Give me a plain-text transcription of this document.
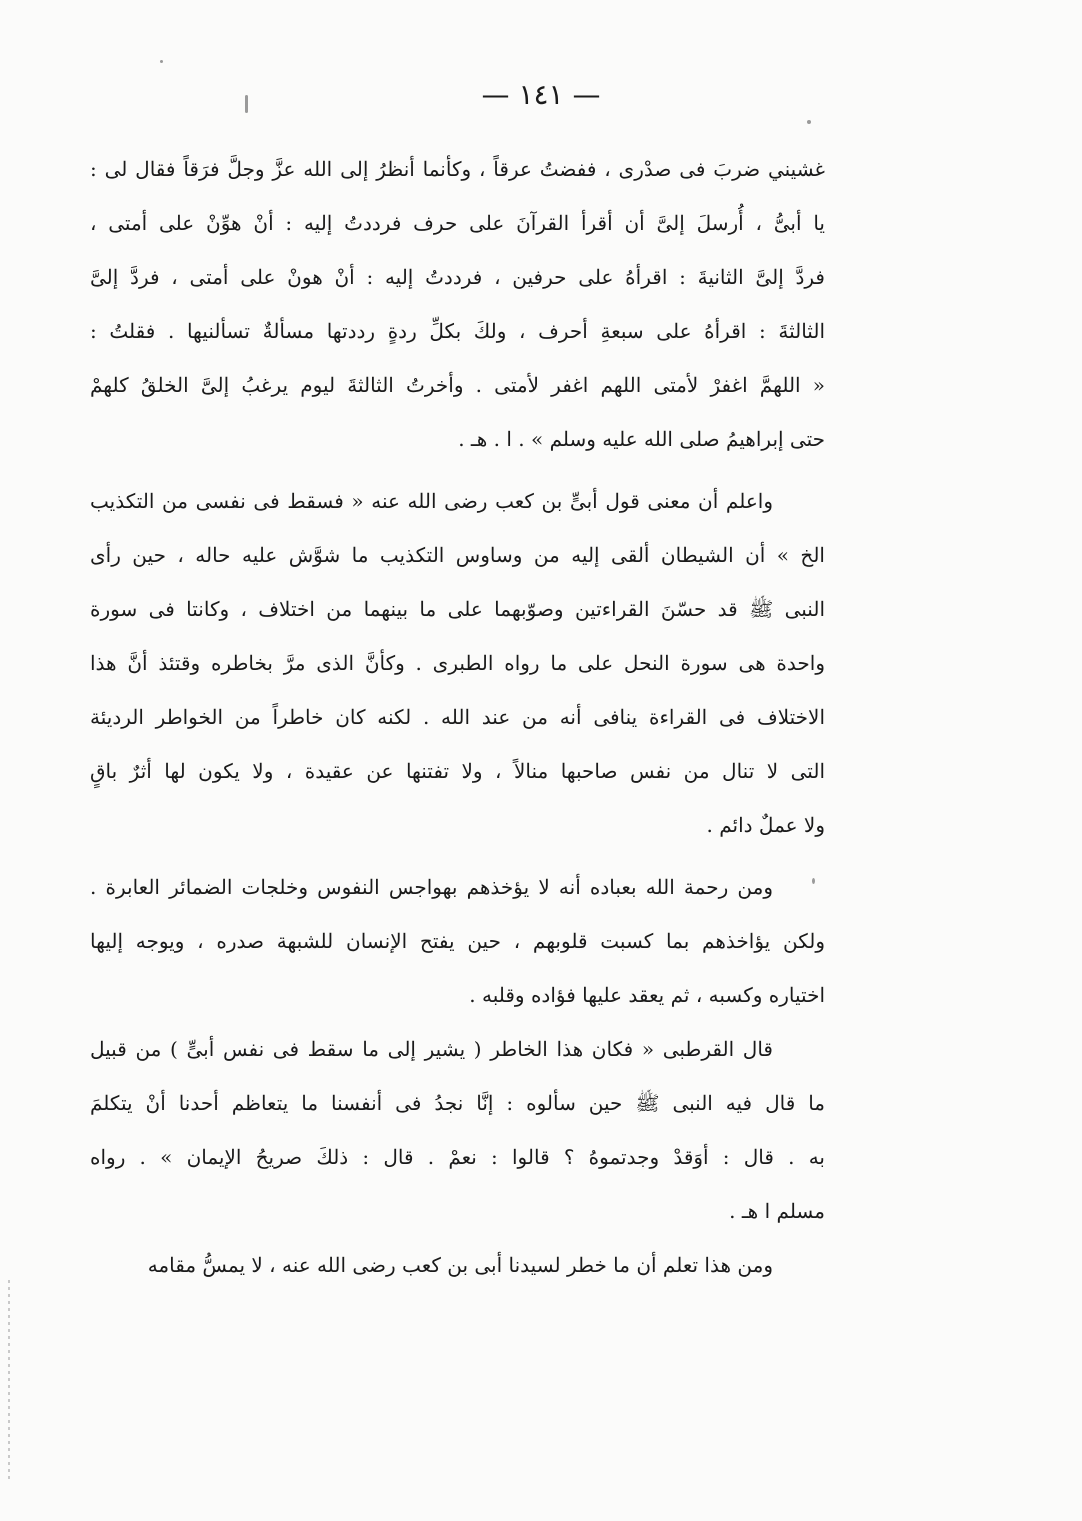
— ١٤١ —
غشيني ضربَ فى صدْرى ، ففضتُ عرقاً ، وكأنما أنظرُ إلى الله عزَّ وجلَّ فرَقاً فقال لى :
يا أبىُّ ، أُرسلَ إلىَّ أن أقرأ القرآنَ على حرف فرددتُ إليه : أنْ هوِّنْ على أمتى ،
فردَّ إلىَّ الثانيةَ : اقرأهُ على حرفين ، فرددتُ إليه : أنْ هونْ على أمتى ، فردَّ إلىَّ
الثالثةَ : اقرأهُ على سبعةِ أحرف ، ولكَ بكلِّ ردةٍ رددتها مسألةٌ تسألنيها . فقلتُ :
« اللهمَّ اغفرْ لأمتى اللهم اغفر لأمتى . وأخرتُ الثالثةَ ليوم يرغبُ إلىَّ الخلقُ كلهمْ
حتى إبراهيمُ صلى الله عليه وسلم » . ا . هـ .
واعلم أن معنى قول أبىٍّ بن كعب رضى الله عنه « فسقط فى نفسى من التكذيب
الخ » أن الشيطان ألقى إليه من وساوس التكذيب ما شوَّش عليه حاله ، حين رأى
النبى ﷺ قد حسّنَ القراءتين وصوّبهما على ما بينهما من اختلاف ، وكانتا فى سورة
واحدة هى سورة النحل على ما رواه الطبرى . وكأنَّ الذى مرَّ بخاطره وقتئذ أنَّ هذا
الاختلاف فى القراءة ينافى أنه من عند الله . لكنه كان خاطراً من الخواطر الرديئة
التى لا تنال من نفس صاحبها منالاً ، ولا تفتنها عن عقيدة ، ولا يكون لها أثرٌ باقٍ
ولا عملٌ دائم .
ومن رحمة الله بعباده أنه لا يؤخذهم بهواجس النفوس وخلجات الضمائر العابرة .
ولكن يؤاخذهم بما كسبت قلوبهم ، حين يفتح الإنسان للشبهة صدره ، ويوجه إليها
اختياره وكسبه ، ثم يعقد عليها فؤاده وقلبه .
قال القرطبى « فكان هذا الخاطر ( يشير إلى ما سقط فى نفس أبىٍّ ) من قبيل
ما قال فيه النبى ﷺ حين سألوه : إنَّا نجدُ فى أنفسنا ما يتعاظم أحدنا أنْ يتكلمَ
به . قال : أوَقدْ وجدتموهُ ؟ قالوا : نعمْ . قال : ذلكَ صريحُ الإيمان » . رواه
مسلم ا هـ .
ومن هذا تعلم أن ما خطر لسيدنا أبى بن كعب رضى الله عنه ، لا يمسُّ مقامه
